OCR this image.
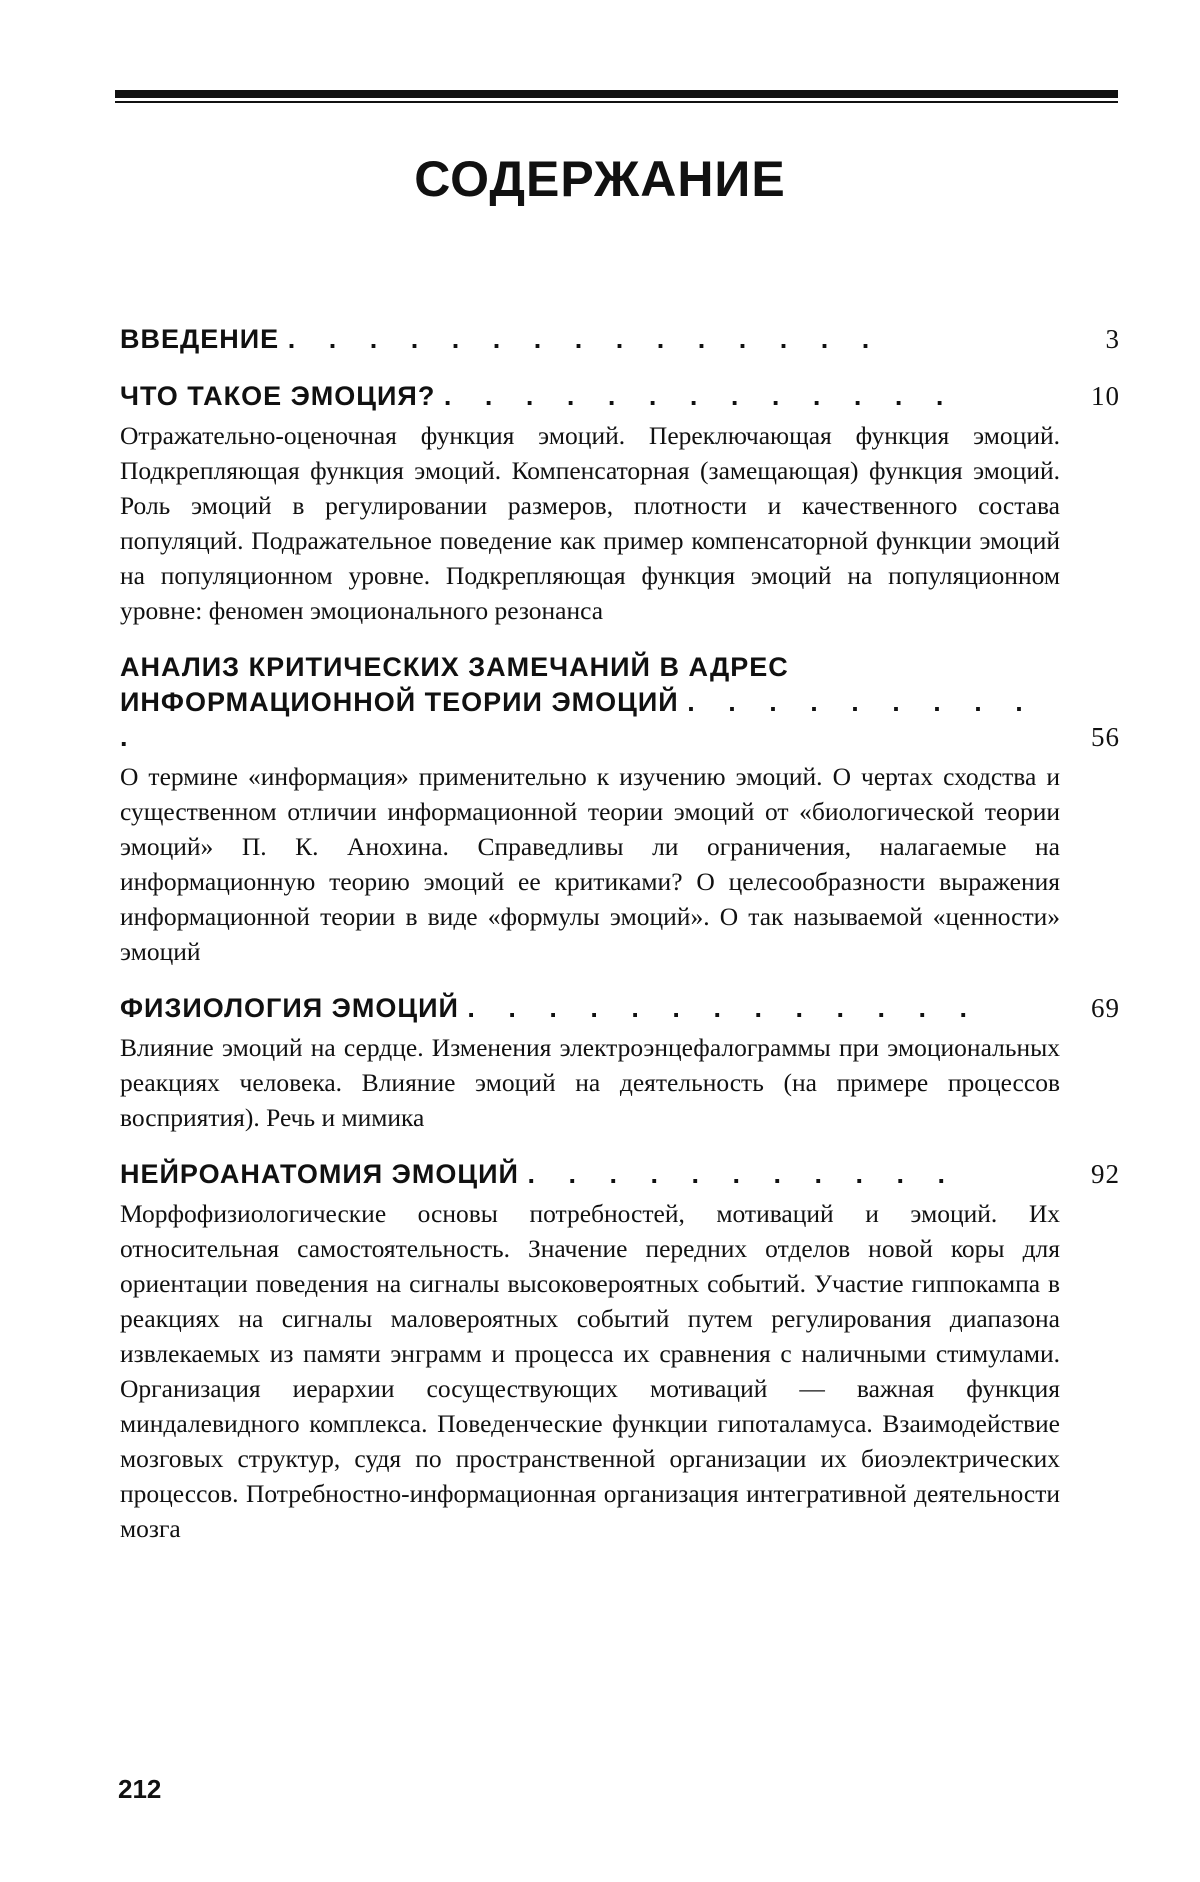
СОДЕРЖАНИЕ
ВВЕДЕНИЕ . . . . . . . . . . . . . . .	3
ЧТО ТАКОЕ ЭМОЦИЯ? . . . . . . . . . . . . .	10
Отражательно-оценочная функция эмоций. Переключающая функция эмоций. Подкрепляющая функция эмоций. Компенсаторная (замещающая) функция эмоций. Роль эмоций в регулировании размеров, плотности и качественного состава популяций. Подражательное поведение как пример компенсаторной функции эмоций на популяционном уровне. Подкрепляющая функция эмоций на популяционном уровне: феномен эмоционального резонанса
АНАЛИЗ КРИТИЧЕСКИХ ЗАМЕЧАНИЙ В АДРЕС ИНФОРМАЦИОННОЙ ТЕОРИИ ЭМОЦИЙ . . . . . . . . . .	56
О термине «информация» применительно к изучению эмоций. О чертах сходства и существенном отличии информационной теории эмоций от «биологической теории эмоций» П. К. Анохина. Справедливы ли ограничения, налагаемые на информационную теорию эмоций ее критиками? О целесообразности выражения информационной теории в виде «формулы эмоций». О так называемой «ценности» эмоций
ФИЗИОЛОГИЯ ЭМОЦИЙ . . . . . . . . . . . . .	69
Влияние эмоций на сердце. Изменения электроэнцефалограммы при эмоциональных реакциях человека. Влияние эмоций на деятельность (на примере процессов восприятия). Речь и мимика
НЕЙРОАНАТОМИЯ ЭМОЦИЙ . . . . . . . . . . .	92
Морфофизиологические основы потребностей, мотиваций и эмоций. Их относительная самостоятельность. Значение передних отделов новой коры для ориентации поведения на сигналы высоковероятных событий. Участие гиппокампа в реакциях на сигналы маловероятных событий путем регулирования диапазона извлекаемых из памяти энграмм и процесса их сравнения с наличными стимулами. Организация иерархии сосуществующих мотиваций — важная функция миндалевидного комплекса. Поведенческие функции гипоталамуса. Взаимодействие мозговых структур, судя по пространственной организации их биоэлектрических процессов. Потребностно-информационная организация интегративной деятельности мозга
212
